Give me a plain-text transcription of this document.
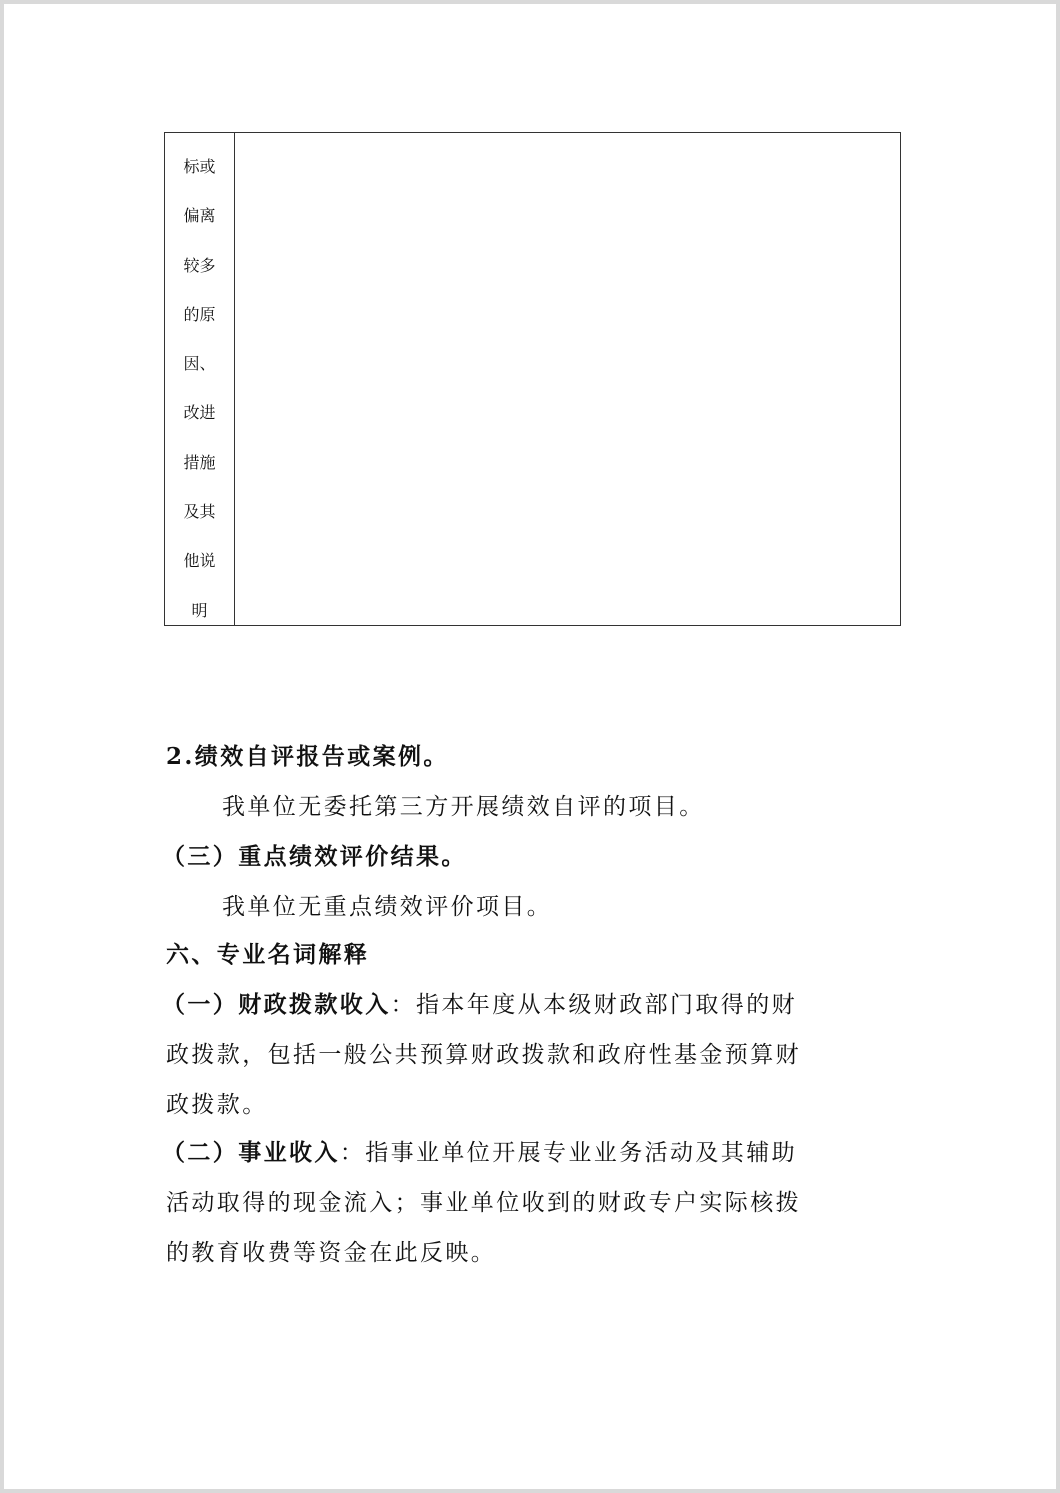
标或
偏离
较多
的原
因、
改进
措施
及其
他说
明
2.绩效自评报告或案例。
我单位无委托第三方开展绩效自评的项目。
（三）重点绩效评价结果。
我单位无重点绩效评价项目。
六、专业名词解释
（一）财政拨款收入：指本年度从本级财政部门取得的财
政拨款，包括一般公共预算财政拨款和政府性基金预算财
政拨款。
（二）事业收入：指事业单位开展专业业务活动及其辅助
活动取得的现金流入；事业单位收到的财政专户实际核拨
的教育收费等资金在此反映。
